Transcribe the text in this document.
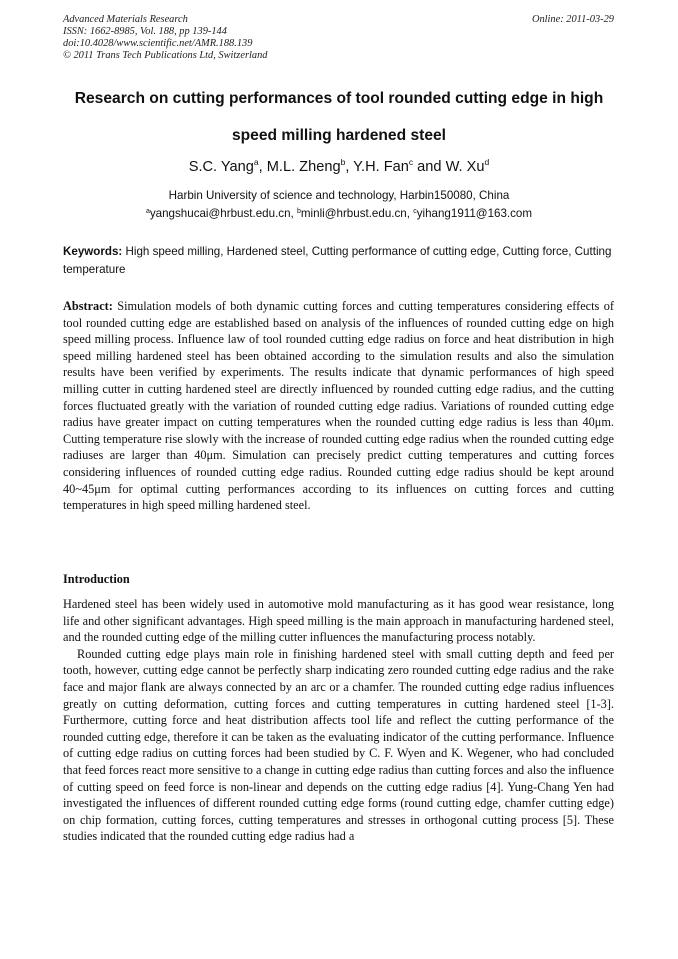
Advanced Materials Research
ISSN: 1662-8985, Vol. 188, pp 139-144
doi:10.4028/www.scientific.net/AMR.188.139
© 2011 Trans Tech Publications Ltd, Switzerland
Online: 2011-03-29
Research on cutting performances of tool rounded cutting edge in high
speed milling hardened steel
S.C. Yang$^a$, M.L. Zheng$^b$, Y.H. Fan$^c$ and W. Xu$^d$
Harbin University of science and technology, Harbin150080, China
$^a$yangshucai@hrbust.edu.cn, $^b$minli@hrbust.edu.cn, $^c$yihang1911@163.com
Keywords: High speed milling, Hardened steel, Cutting performance of cutting edge, Cutting force, Cutting temperature
Abstract: Simulation models of both dynamic cutting forces and cutting temperatures considering effects of tool rounded cutting edge are established based on analysis of the influences of rounded cutting edge on high speed milling process. Influence law of tool rounded cutting edge radius on force and heat distribution in high speed milling hardened steel has been obtained according to the simulation results and also the simulation results have been verified by experiments. The results indicate that dynamic performances of high speed milling cutter in cutting hardened steel are directly influenced by rounded cutting edge radius, and the cutting forces fluctuated greatly with the variation of rounded cutting edge radius. Variations of rounded cutting edge radius have greater impact on cutting temperatures when the rounded cutting edge radius is less than 40μm. Cutting temperature rise slowly with the increase of rounded cutting edge radius when the rounded cutting edge radiuses are larger than 40μm. Simulation can precisely predict cutting temperatures and cutting forces considering influences of rounded cutting edge radius. Rounded cutting edge radius should be kept around 40~45μm for optimal cutting performances according to its influences on cutting forces and cutting temperatures in high speed milling hardened steel.
Introduction

Hardened steel has been widely used in automotive mold manufacturing as it has good wear resistance, long life and other significant advantages. High speed milling is the main approach in manufacturing hardened steel, and the rounded cutting edge of the milling cutter influences the manufacturing process notably.

Rounded cutting edge plays main role in finishing hardened steel with small cutting depth and feed per tooth, however, cutting edge cannot be perfectly sharp indicating zero rounded cutting edge radius and the rake face and major flank are always connected by an arc or a chamfer. The rounded cutting edge radius influences greatly on cutting deformation, cutting forces and cutting temperatures in cutting hardened steel [1-3]. Furthermore, cutting force and heat distribution affects tool life and reflect the cutting performance of the rounded cutting edge, therefore it can be taken as the evaluating indicator of the cutting performance. Influence of cutting edge radius on cutting forces had been studied by C. F. Wyen and K. Wegener, who had concluded that feed forces react more sensitive to a change in cutting edge radius than cutting forces and also the influence of cutting speed on feed force is non-linear and depends on the cutting edge radius [4]. Yung-Chang Yen had investigated the influences of different rounded cutting edge forms (round cutting edge, chamfer cutting edge) on chip formation, cutting forces, cutting temperatures and stresses in orthogonal cutting process [5]. These studies indicated that the rounded cutting edge radius had a
